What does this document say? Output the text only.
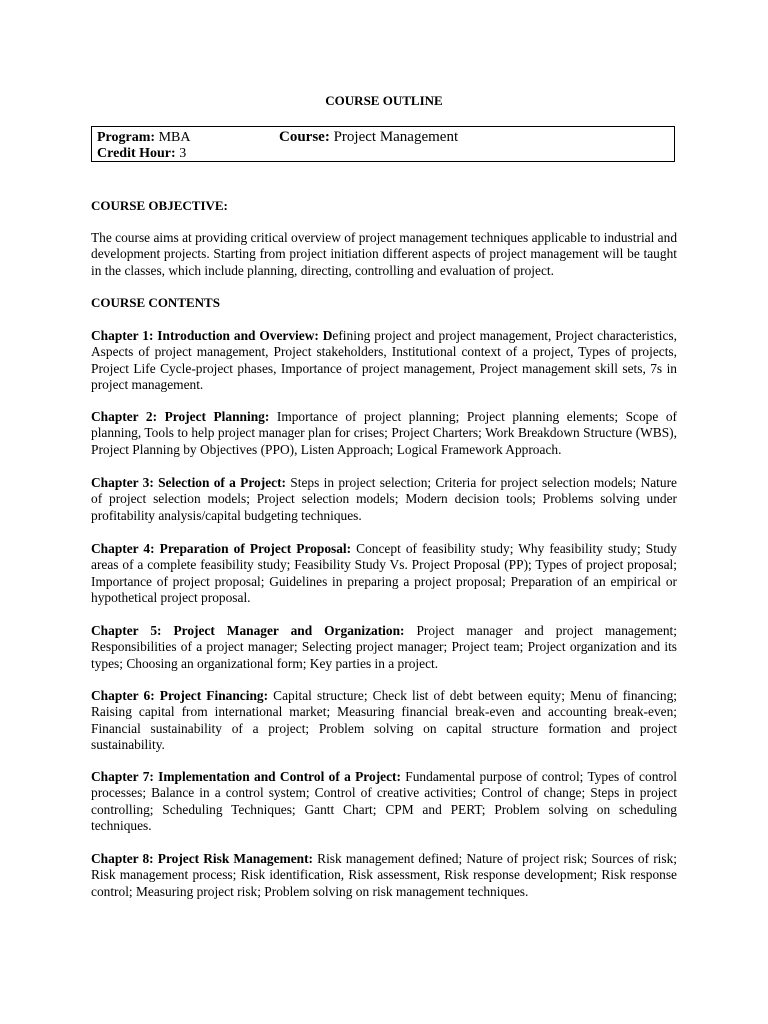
COURSE OUTLINE
Program: MBA
Credit Hour: 3
Course: Project Management
COURSE OBJECTIVE:
The course aims at providing critical overview of project management techniques applicable to industrial and development projects. Starting from project initiation different aspects of project management will be taught in the classes, which include planning, directing, controlling and evaluation of project.
COURSE CONTENTS
Chapter 1: Introduction and Overview: Defining project and project management, Project characteristics, Aspects of project management, Project stakeholders, Institutional context of a project, Types of projects, Project Life Cycle-project phases, Importance of project management, Project management skill sets, 7s in project management.
Chapter 2: Project Planning: Importance of project planning; Project planning elements; Scope of planning, Tools to help project manager plan for crises; Project Charters; Work Breakdown Structure (WBS), Project Planning by Objectives (PPO), Listen Approach; Logical Framework Approach.
Chapter 3: Selection of a Project: Steps in project selection; Criteria for project selection models; Nature of project selection models; Project selection models; Modern decision tools; Problems solving under profitability analysis/capital budgeting techniques.
Chapter 4: Preparation of Project Proposal: Concept of feasibility study; Why feasibility study; Study areas of a complete feasibility study; Feasibility Study Vs. Project Proposal (PP); Types of project proposal; Importance of project proposal; Guidelines in preparing a project proposal; Preparation of an empirical or hypothetical project proposal.
Chapter 5: Project Manager and Organization: Project manager and project management; Responsibilities of a project manager; Selecting project manager; Project team; Project organization and its types; Choosing an organizational form; Key parties in a project.
Chapter 6: Project Financing: Capital structure; Check list of debt between equity; Menu of financing; Raising capital from international market; Measuring financial break-even and accounting break-even; Financial sustainability of a project; Problem solving on capital structure formation and project sustainability.
Chapter 7: Implementation and Control of a Project: Fundamental purpose of control; Types of control processes; Balance in a control system; Control of creative activities; Control of change; Steps in project controlling; Scheduling Techniques; Gantt Chart; CPM and PERT; Problem solving on scheduling techniques.
Chapter 8: Project Risk Management: Risk management defined; Nature of project risk; Sources of risk; Risk management process; Risk identification, Risk assessment, Risk response development; Risk response control; Measuring project risk; Problem solving on risk management techniques.
